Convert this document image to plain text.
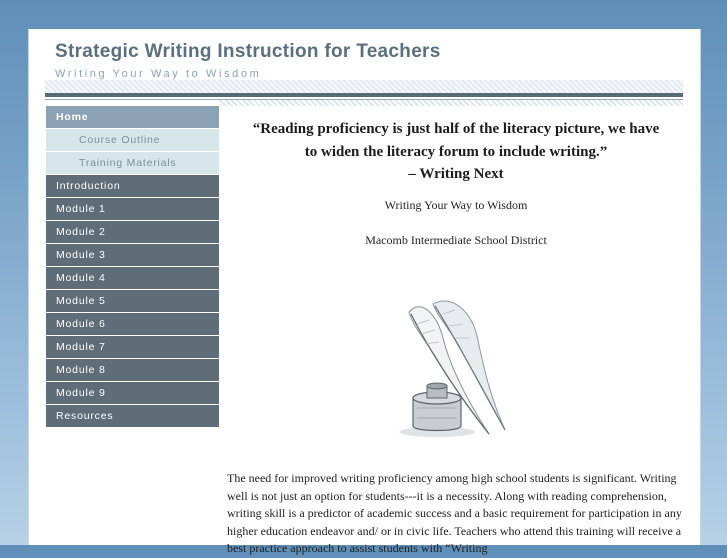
Strategic Writing Instruction for Teachers

Writing Your Way to Wisdom

Home
Course Outline
Training Materials
Introduction
Module 1
Module 2
Module 3
Module 4
Module 5
Module 6
Module 7
Module 8
Module 9
Resources
“Reading proficiency is just half of the literacy picture, we have
to widen the literacy forum to include writing.”
– Writing Next
Writing Your Way to Wisdom
Macomb Intermediate School District

The need for improved writing proficiency among high school students is significant. Writing well is not just an option for students---it is a necessity. Along with reading comprehension, writing skill is a predictor of academic success and a basic requirement for participation in any higher education endeavor and/ or in civic life. Teachers who attend this training will receive a best practice approach to assist students with “Writing
